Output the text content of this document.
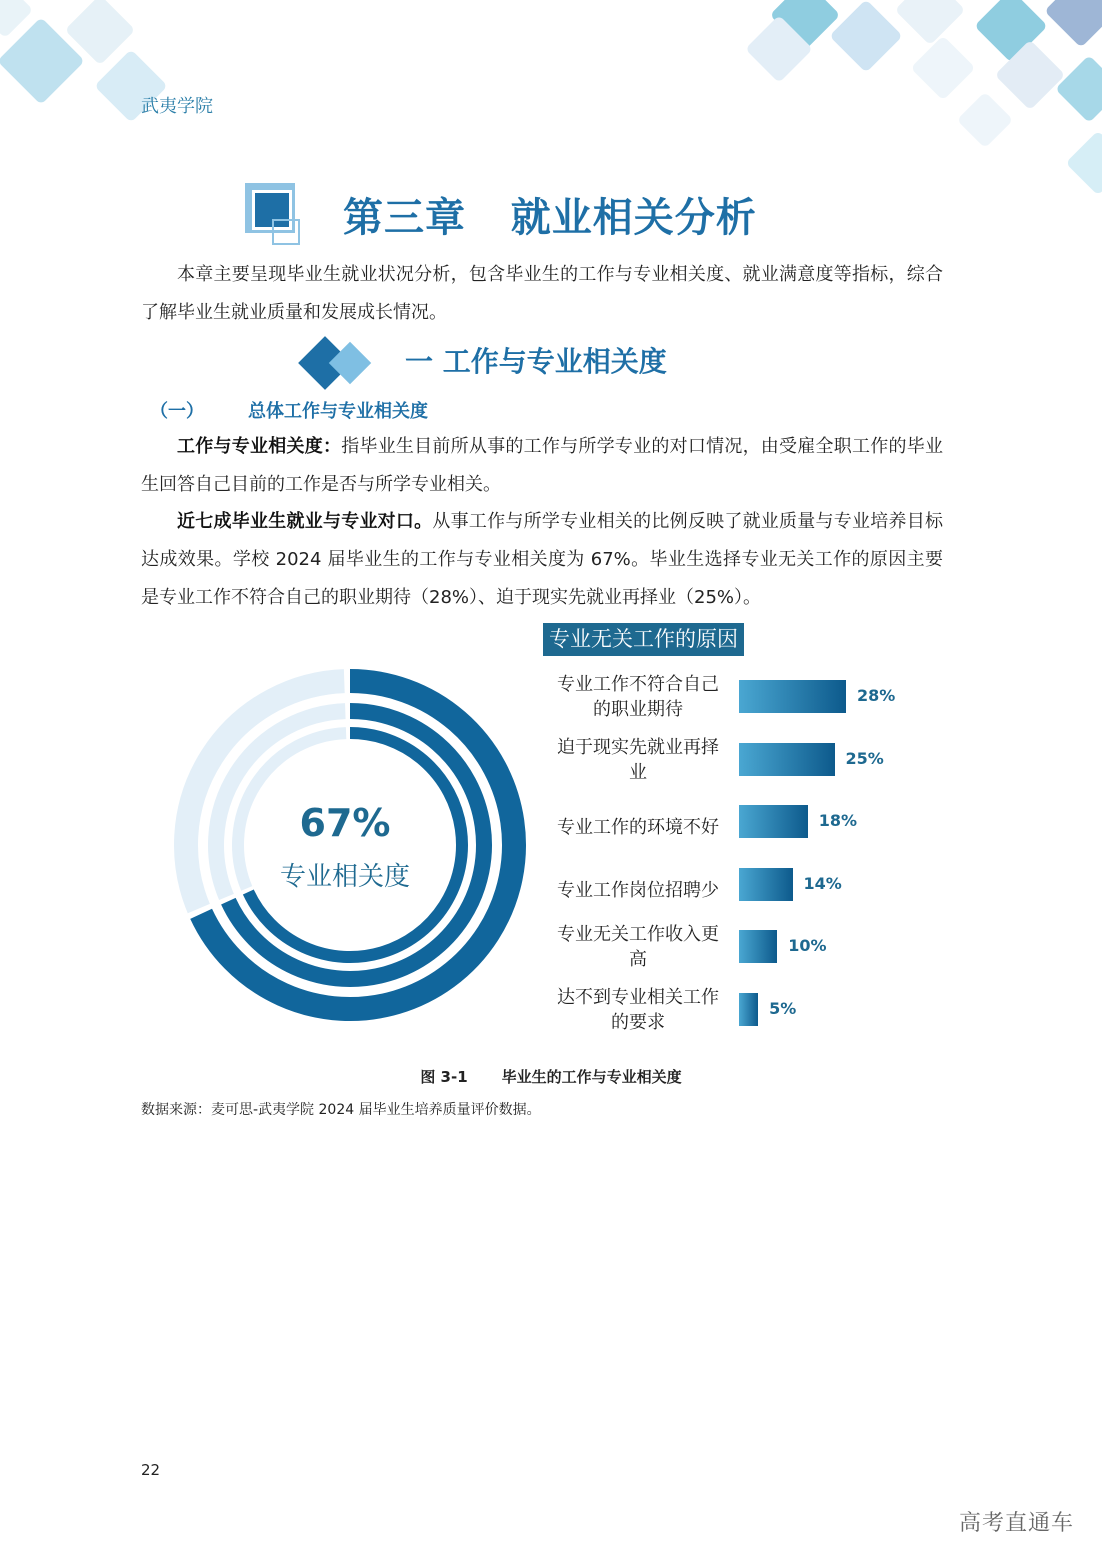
武夷学院
第三章   就业相关分析
本章主要呈现毕业生就业状况分析，包含毕业生的工作与专业相关度、就业满意度等指标，综合了解毕业生就业质量和发展成长情况。
一 工作与专业相关度
（一） 总体工作与专业相关度
工作与专业相关度：指毕业生目前所从事的工作与所学专业的对口情况，由受雇全职工作的毕业生回答自己目前的工作是否与所学专业相关。
近七成毕业生就业与专业对口。从事工作与所学专业相关的比例反映了就业质量与专业培养目标达成效果。学校 2024 届毕业生的工作与专业相关度为 67%。毕业生选择专业无关工作的原因主要是专业工作不符合自己的职业期待（28%）、迫于现实先就业再择业（25%）。
67%
专业相关度
专业无关工作的原因
专业工作不符合自己
的职业期待
28%
迫于现实先就业再择
业
25%
专业工作的环境不好	18%
专业工作岗位招聘少	14%
专业无关工作收入更
高
10%
达不到专业相关工作
的要求
5%
图 3-1 毕业生的工作与专业相关度
数据来源：麦可思-武夷学院 2024 届毕业生培养质量评价数据。
22
高考直通车
